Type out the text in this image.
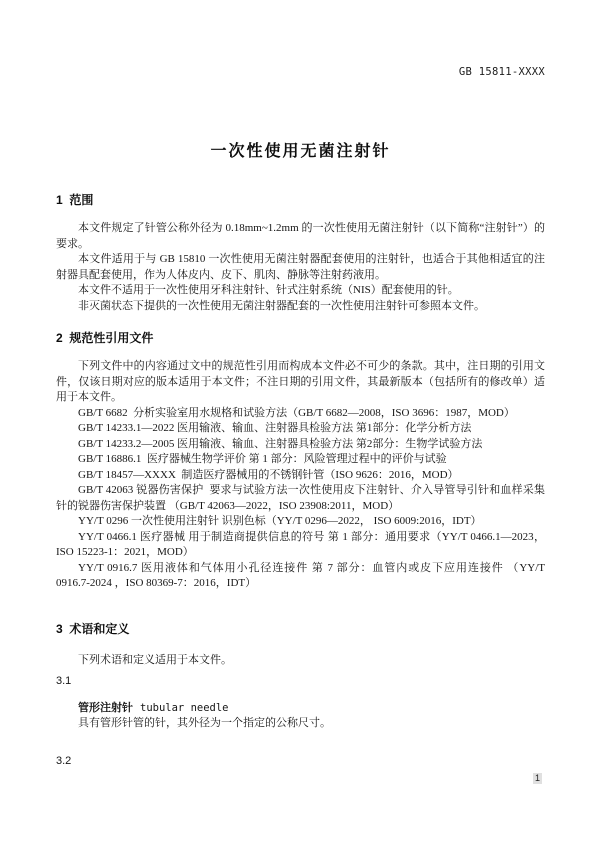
GB 15811-XXXX
一次性使用无菌注射针
1  范围

本文件规定了针管公称外径为 0.18mm~1.2mm 的一次性使用无菌注射针（以下简称“注射针”）的要求。

本文件适用于与 GB 15810 一次性使用无菌注射器配套使用的注射针，也适合于其他相适宜的注射器具配套使用，作为人体皮内、皮下、肌肉、静脉等注射药液用。

本文件不适用于一次性使用牙科注射针、针式注射系统（NIS）配套使用的针。

非灭菌状态下提供的一次性使用无菌注射器配套的一次性使用注射针可参照本文件。

2  规范性引用文件

下列文件中的内容通过文中的规范性引用而构成本文件必不可少的条款。其中，注日期的引用文件，仅该日期对应的版本适用于本文件；不注日期的引用文件，其最新版本（包括所有的修改单）适用于本文件。

GB/T 6682  分析实验室用水规格和试验方法（GB/T 6682—2008，ISO 3696：1987，MOD）

GB/T 14233.1—2022 医用输液、输血、注射器具检验方法 第1部分：化学分析方法

GB/T 14233.2—2005 医用输液、输血、注射器具检验方法 第2部分：生物学试验方法

GB/T 16886.1  医疗器械生物学评价 第 1 部分：风险管理过程中的评价与试验

GB/T 18457—XXXX  制造医疗器械用的不锈钢针管（ISO 9626：2016，MOD）

GB/T 42063 锐器伤害保护  要求与试验方法一次性使用皮下注射针、介入导管导引针和血样采集针的锐器伤害保护装置 （GB/T 42063—2022，ISO 23908:2011，MOD）

YY/T 0296 一次性使用注射针 识别色标（YY/T 0296—2022， ISO 6009:2016，IDT）

YY/T 0466.1 医疗器械 用于制造商提供信息的符号 第 1 部分：通用要求（YY/T 0466.1—2023，ISO 15223-1：2021，MOD）

YY/T 0916.7 医用液体和气体用小孔径连接件 第 7 部分：血管内或皮下应用连接件 （YY/T 0916.7-2024 ，ISO 80369-7：2016，IDT）

3  术语和定义

下列术语和定义适用于本文件。

3.1

管形注射针 tubular needle

具有管形针管的针，其外径为一个指定的公称尺寸。

3.2

1
